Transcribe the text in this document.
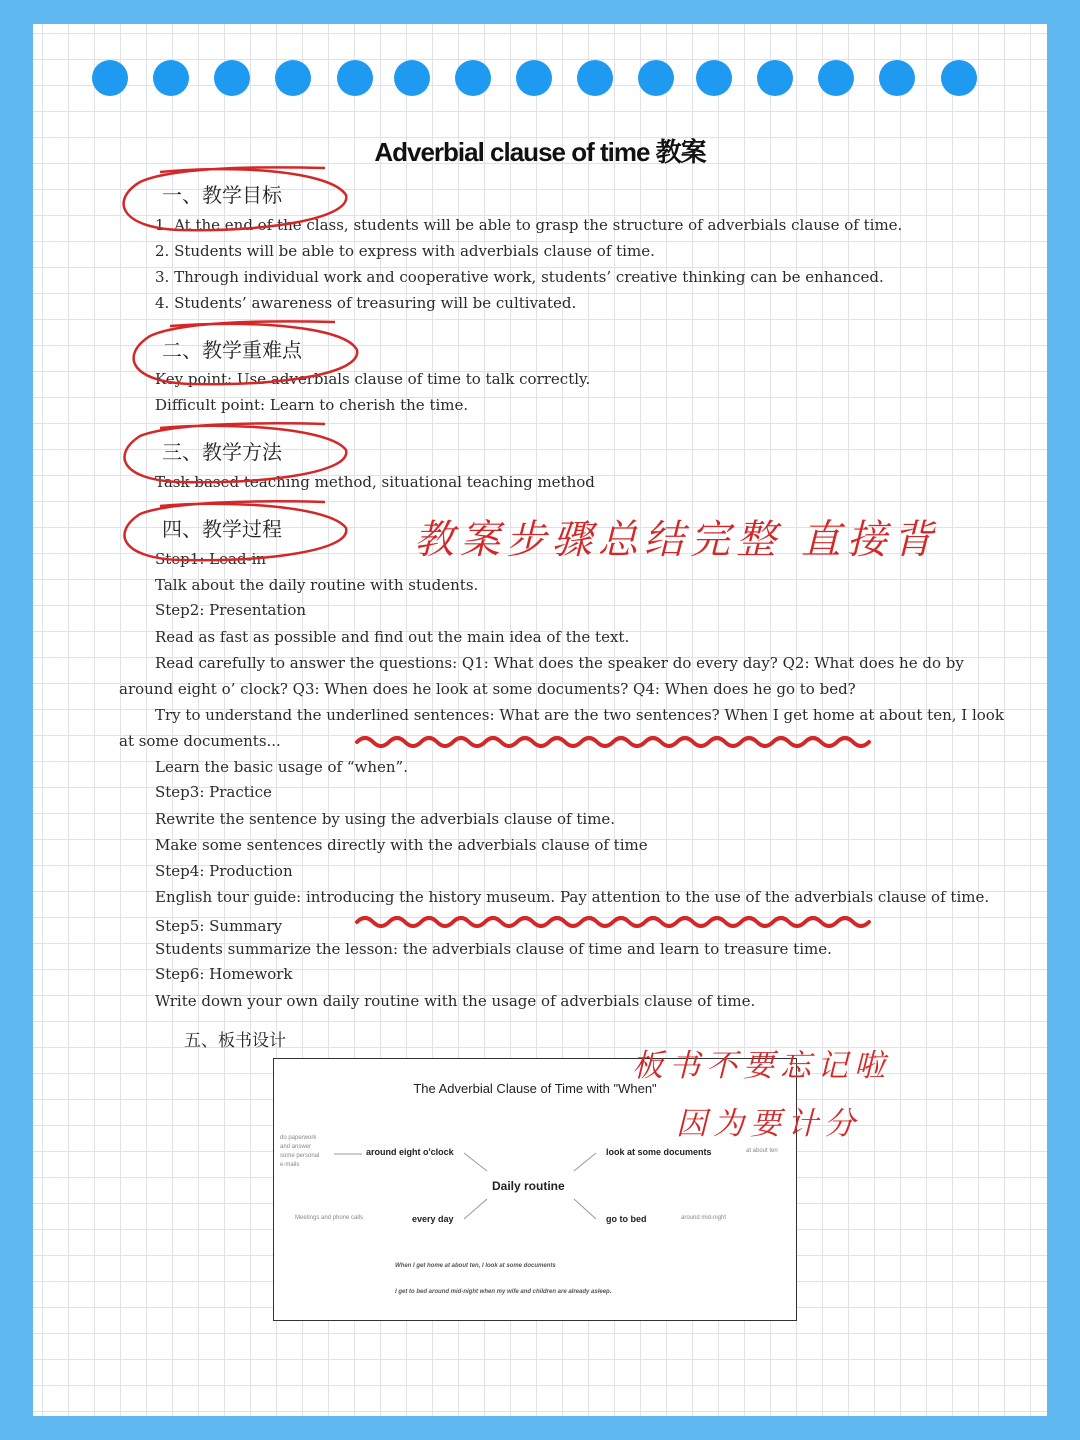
Adverbial clause of time 教案
一、教学目标
1. At the end of the class, students will be able to grasp the structure of adverbials clause of time.
2. Students will be able to express with adverbials clause of time.
3. Through individual work and cooperative work, students’ creative thinking can be enhanced.
4. Students’ awareness of treasuring will be cultivated.
二、教学重难点
Key point: Use adverbials clause of time to talk correctly.
Difficult point: Learn to cherish the time.
三、教学方法
Task-based teaching method, situational teaching method
四、教学过程
Step1: Lead-in
Talk about the daily routine with students.
Step2: Presentation
Read as fast as possible and find out the main idea of the text.
Read carefully to answer the questions: Q1: What does the speaker do every day? Q2: What does he do by
around eight o’ clock? Q3: When does he look at some documents? Q4: When does he go to bed?
Try to understand the underlined sentences: What are the two sentences? When I get home at about ten, I look
at some documents...
Learn the basic usage of “when”.
Step3: Practice
Rewrite the sentence by using the adverbials clause of time.
Make some sentences directly with the adverbials clause of time
Step4: Production
English tour guide: introducing the history museum. Pay attention to the use of the adverbials clause of time.
Step5: Summary
Students summarize the lesson: the adverbials clause of time and learn to treasure time.
Step6: Homework
Write down your own daily routine with the usage of adverbials clause of time.
五、板书设计
The Adverbial Clause of Time with "When"
Daily routine
around eight o'clock	look at some documents
every day	go to bed
do paperwork
and answer
some personal
e-mails
Meetings and phone calls
at about ten
around mid-night
When I get home at about ten, I look at some documents
I get to bed around mid-night when my wife and children are already asleep.
教案步骤总结完整 直接背
板书不要忘记啦
因为要计分
